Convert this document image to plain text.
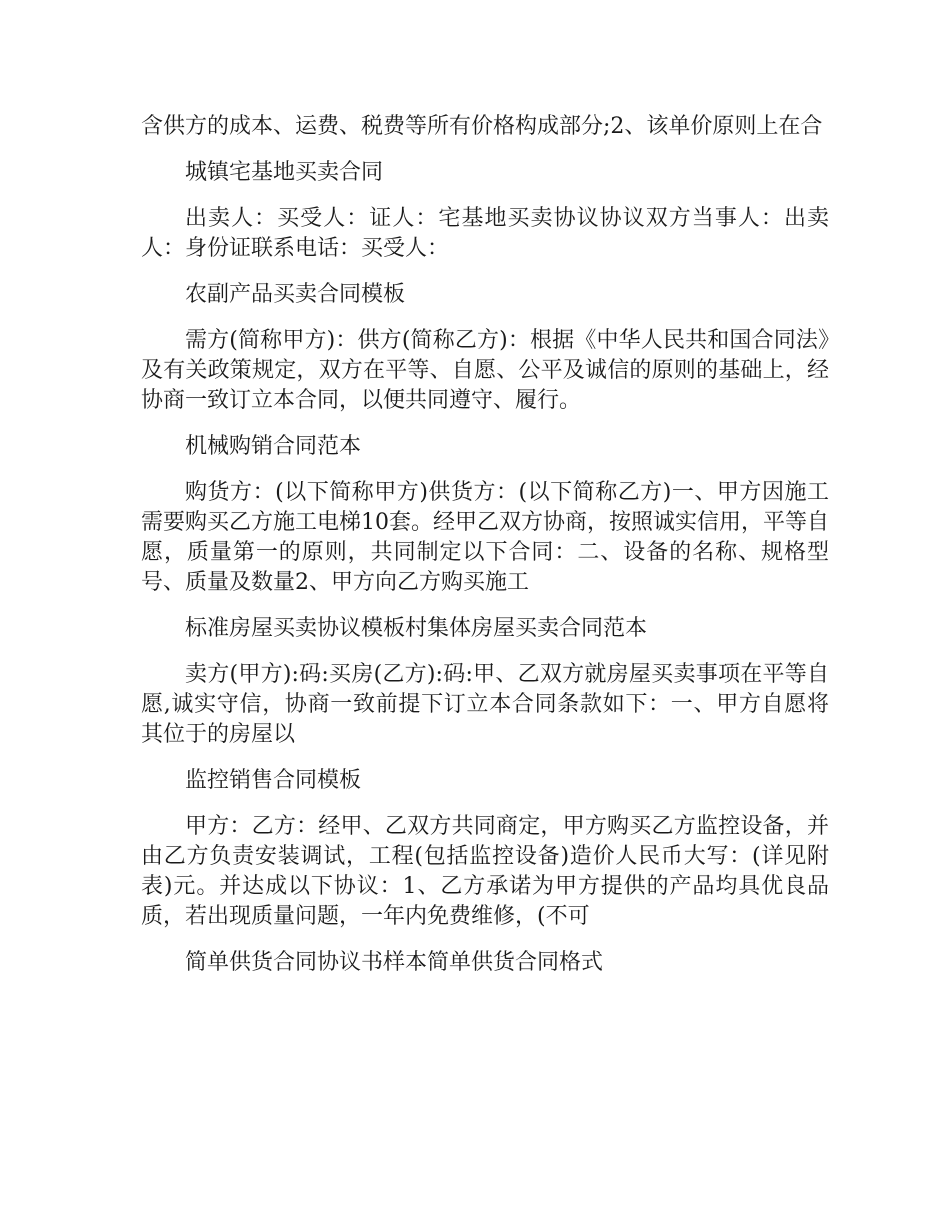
含供方的成本、运费、税费等所有价格构成部分;2、该单价原则上在合

城镇宅基地买卖合同

出卖人：买受人：证人：宅基地买卖协议协议双方当事人：出卖人：身份证联系电话：买受人：

农副产品买卖合同模板

需方(简称甲方)：供方(简称乙方)：根据《中华人民共和国合同法》及有关政策规定，双方在平等、自愿、公平及诚信的原则的基础上，经协商一致订立本合同，以便共同遵守、履行。

机械购销合同范本

购货方：(以下简称甲方)供货方：(以下简称乙方)一、甲方因施工需要购买乙方施工电梯10套。经甲乙双方协商，按照诚实信用，平等自愿，质量第一的原则，共同制定以下合同：二、设备的名称、规格型号、质量及数量2、甲方向乙方购买施工

标准房屋买卖协议模板村集体房屋买卖合同范本

卖方(甲方):码:买房(乙方):码:甲、乙双方就房屋买卖事项在平等自愿,诚实守信，协商一致前提下订立本合同条款如下：一、甲方自愿将其位于的房屋以

监控销售合同模板

甲方：乙方：经甲、乙双方共同商定，甲方购买乙方监控设备，并由乙方负责安装调试，工程(包括监控设备)造价人民币大写：(详见附表)元。并达成以下协议：1、乙方承诺为甲方提供的产品均具优良品质，若出现质量问题，一年内免费维修，(不可

简单供货合同协议书样本简单供货合同格式
